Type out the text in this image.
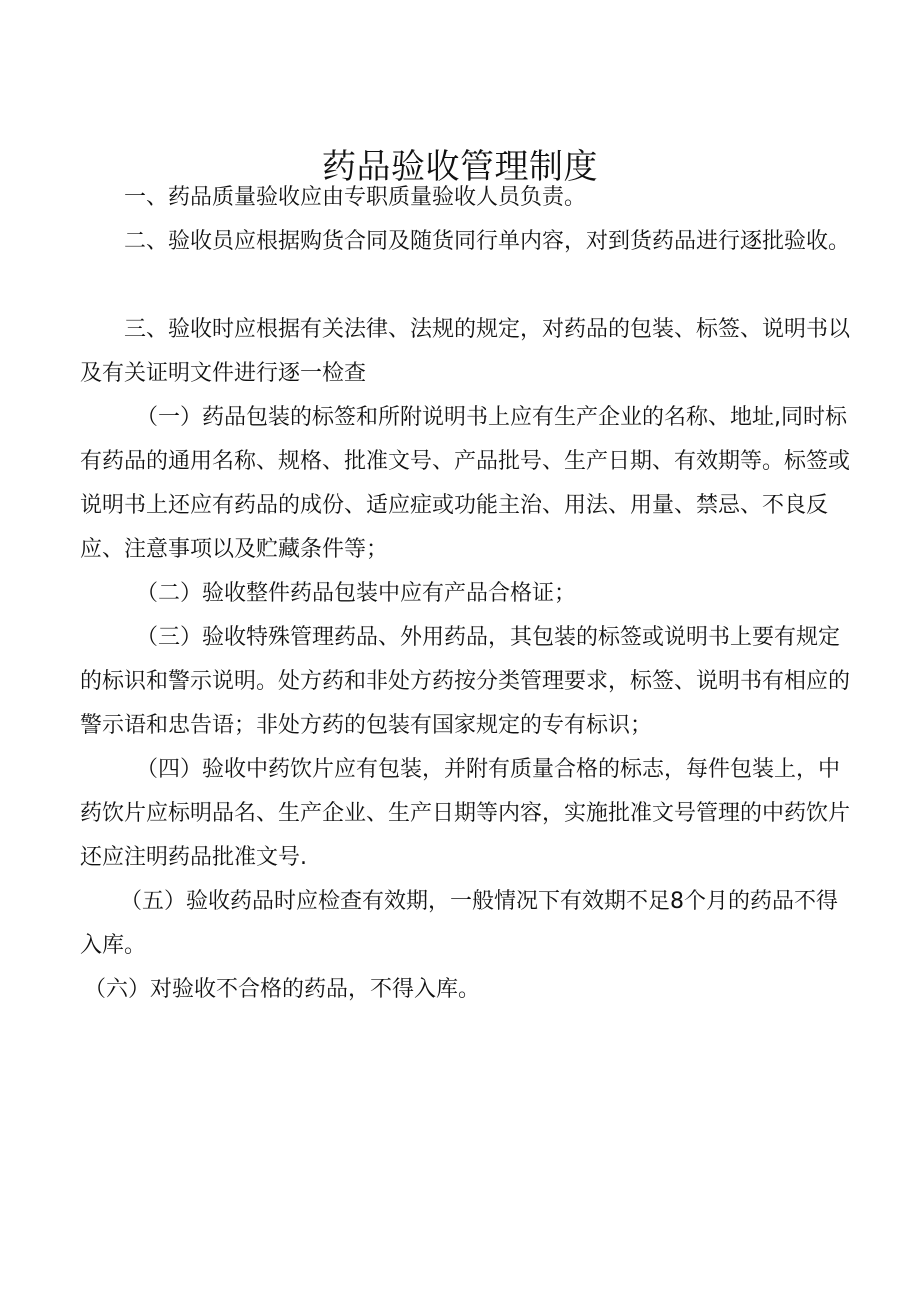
药品验收管理制度

一、药品质量验收应由专职质量验收人员负责。

二、验收员应根据购货合同及随货同行单内容，对到货药品进行逐批验收。

三、验收时应根据有关法律、法规的规定，对药品的包装、标签、说明书以及有关证明文件进行逐一检查

（一）药品包装的标签和所附说明书上应有生产企业的名称、地址,同时标有药品的通用名称、规格、批准文号、产品批号、生产日期、有效期等。标签或说明书上还应有药品的成份、适应症或功能主治、用法、用量、禁忌、不良反应、注意事项以及贮藏条件等；

（二）验收整件药品包装中应有产品合格证；

（三）验收特殊管理药品、外用药品，其包装的标签或说明书上要有规定的标识和警示说明。处方药和非处方药按分类管理要求，标签、说明书有相应的警示语和忠告语；非处方药的包装有国家规定的专有标识；

（四）验收中药饮片应有包装，并附有质量合格的标志，每件包装上，中药饮片应标明品名、生产企业、生产日期等内容，实施批准文号管理的中药饮片还应注明药品批准文号.

（五）验收药品时应检查有效期，一般情况下有效期不足8个月的药品不得入库。

（六）对验收不合格的药品，不得入库。
